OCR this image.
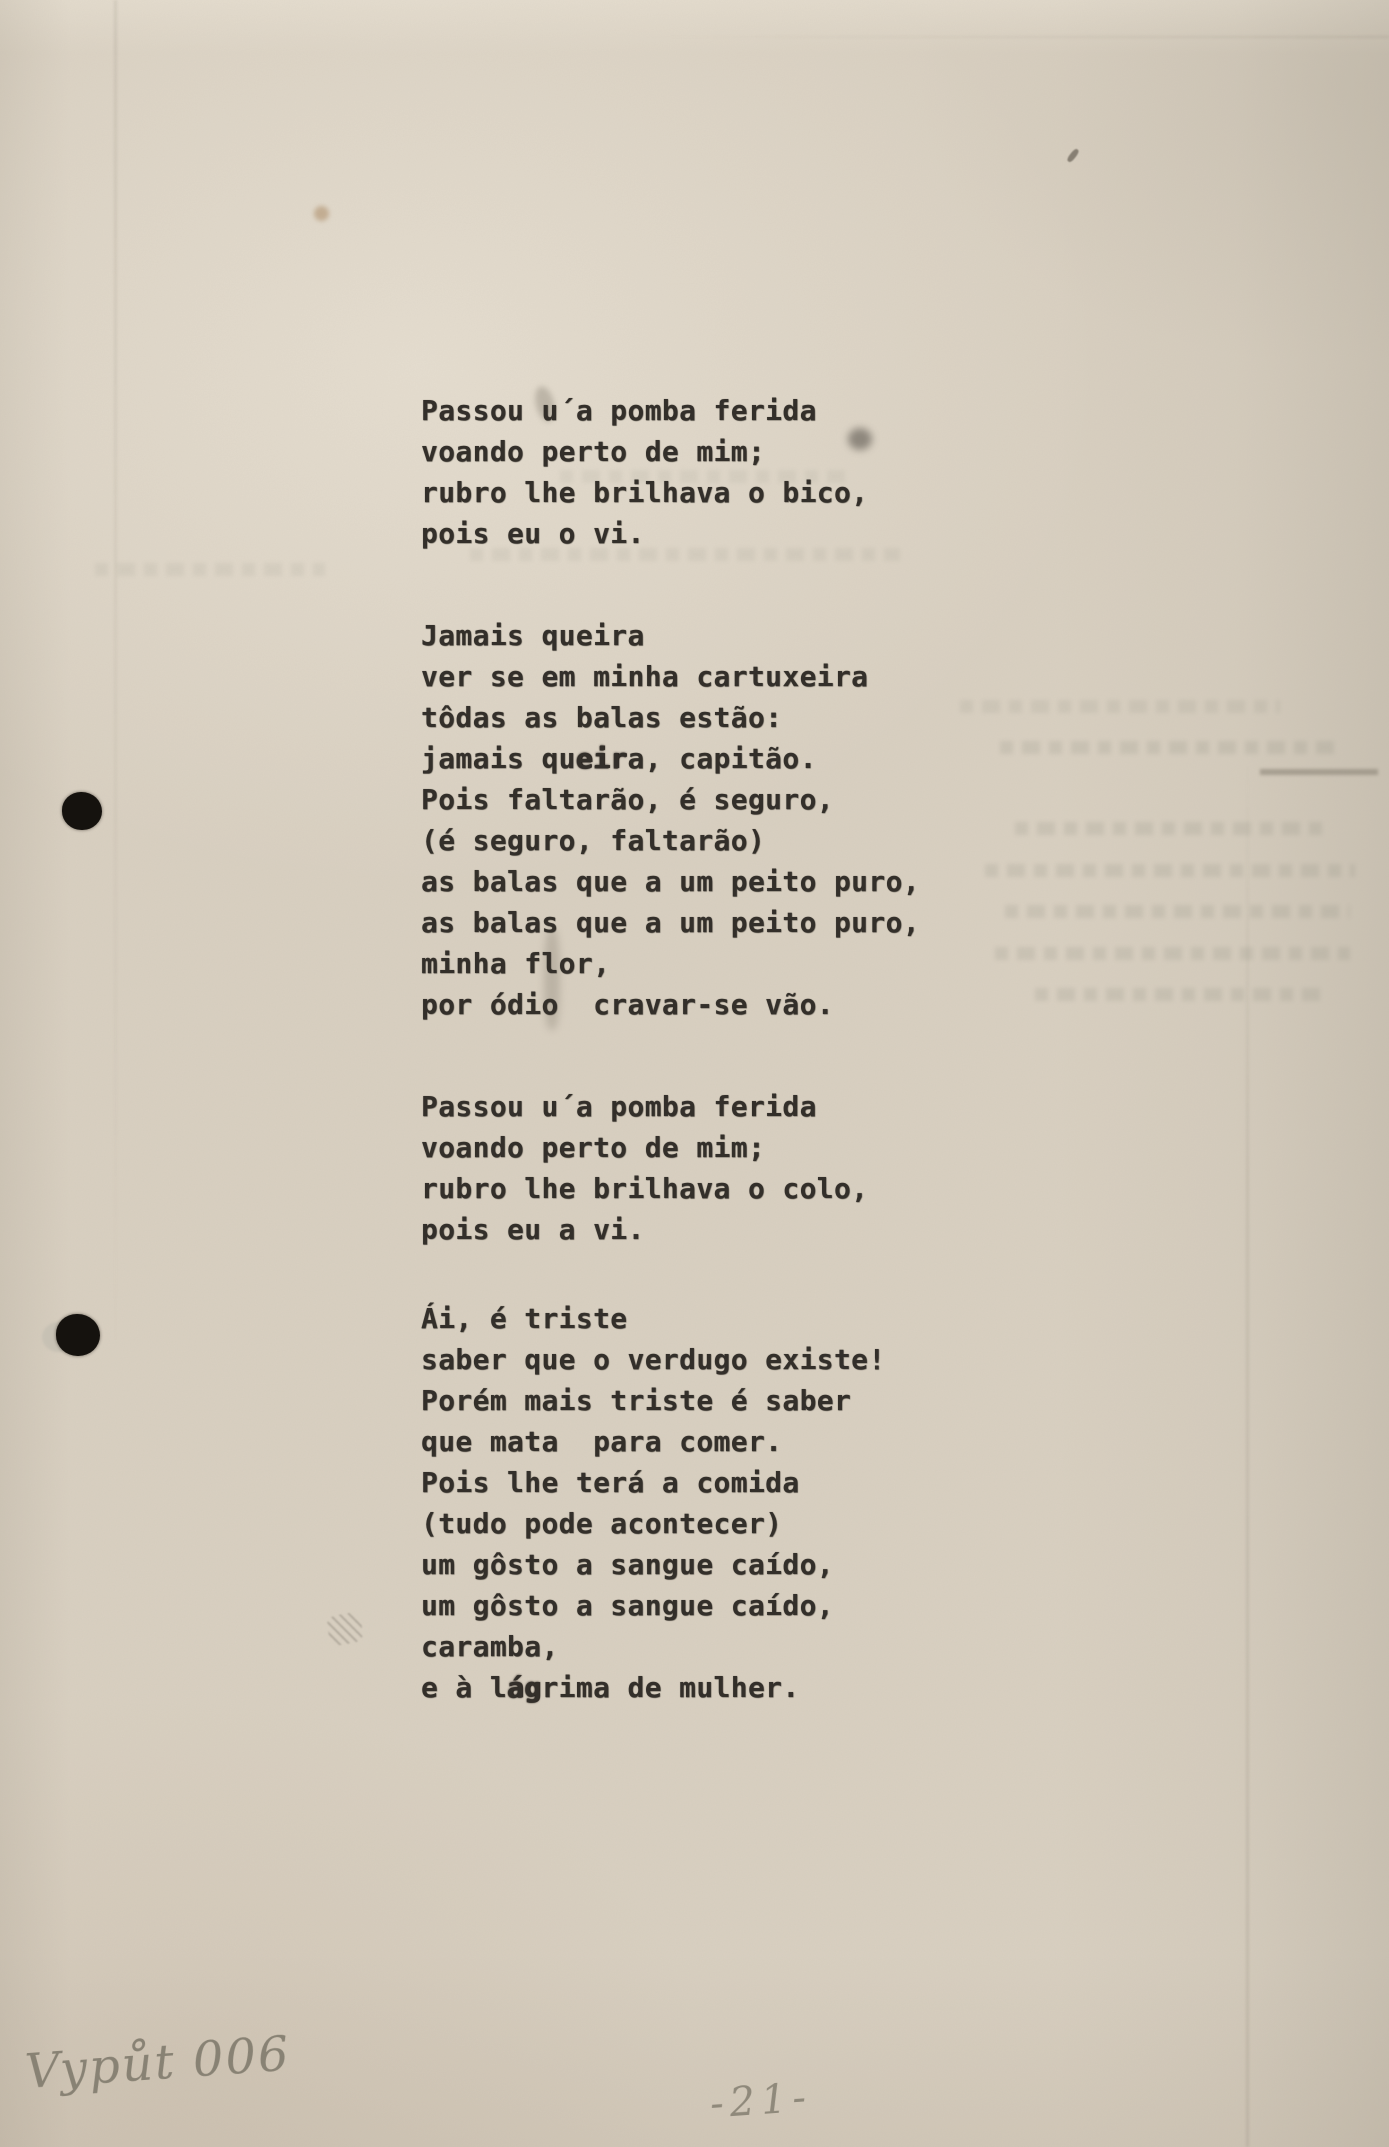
Passou u´a pomba ferida
voando perto de mim;
rubro lhe brilhava o bico,
pois eu o vi.
Jamais queira
ver se em minha cartuxeira
tôdas as balas estão:
jamais queira, capitão.
Pois faltarão, é seguro,
(é seguro, faltarão)
as balas que a um peito puro,
as balas que a um peito puro,
minha flor,
por ódio  cravar-se vão.
Passou u´a pomba ferida
voando perto de mim;
rubro lhe brilhava o colo,
pois eu a vi.
Ái, é triste
saber que o verdugo existe!
Porém mais triste é saber
que mata  para comer.
Pois lhe terá a comida
(tudo pode acontecer)
um gôsto a sangue caído,
um gôsto a sangue caído,
caramba,
e à lágrima de mulher.
Vypůt 006
-21-
